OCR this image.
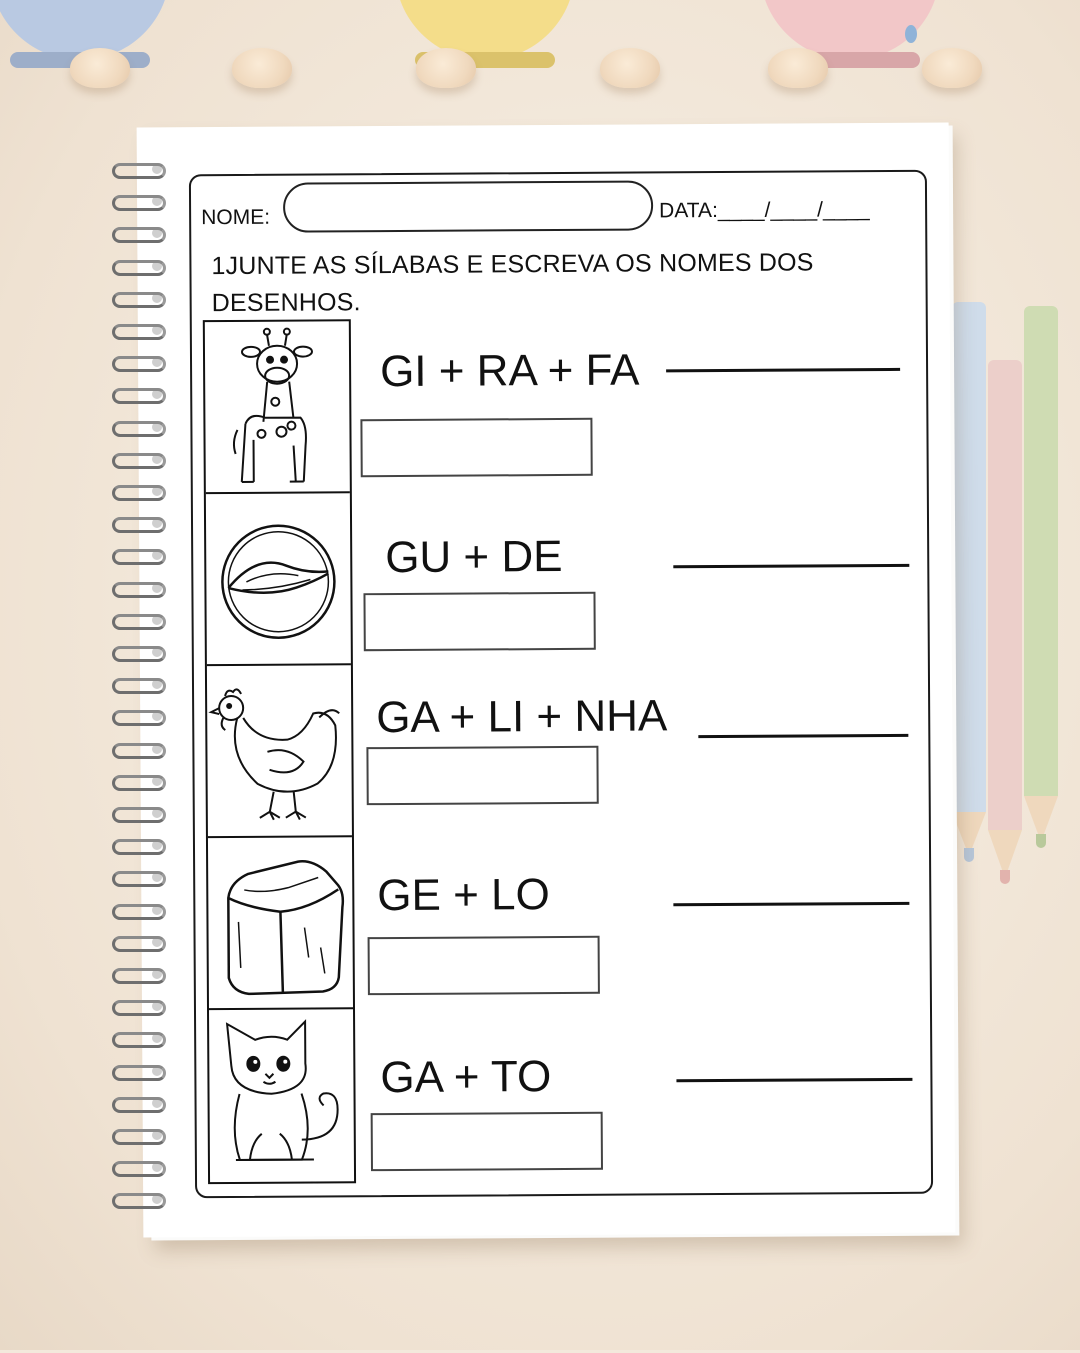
NOME:	DATA:____/____/____
1JUNTE AS SÍLABAS E ESCREVA OS NOMES DOS DESENHOS.
GI + RA + FA
GU + DE
GA + LI + NHA
GE + LO
GA + TO
